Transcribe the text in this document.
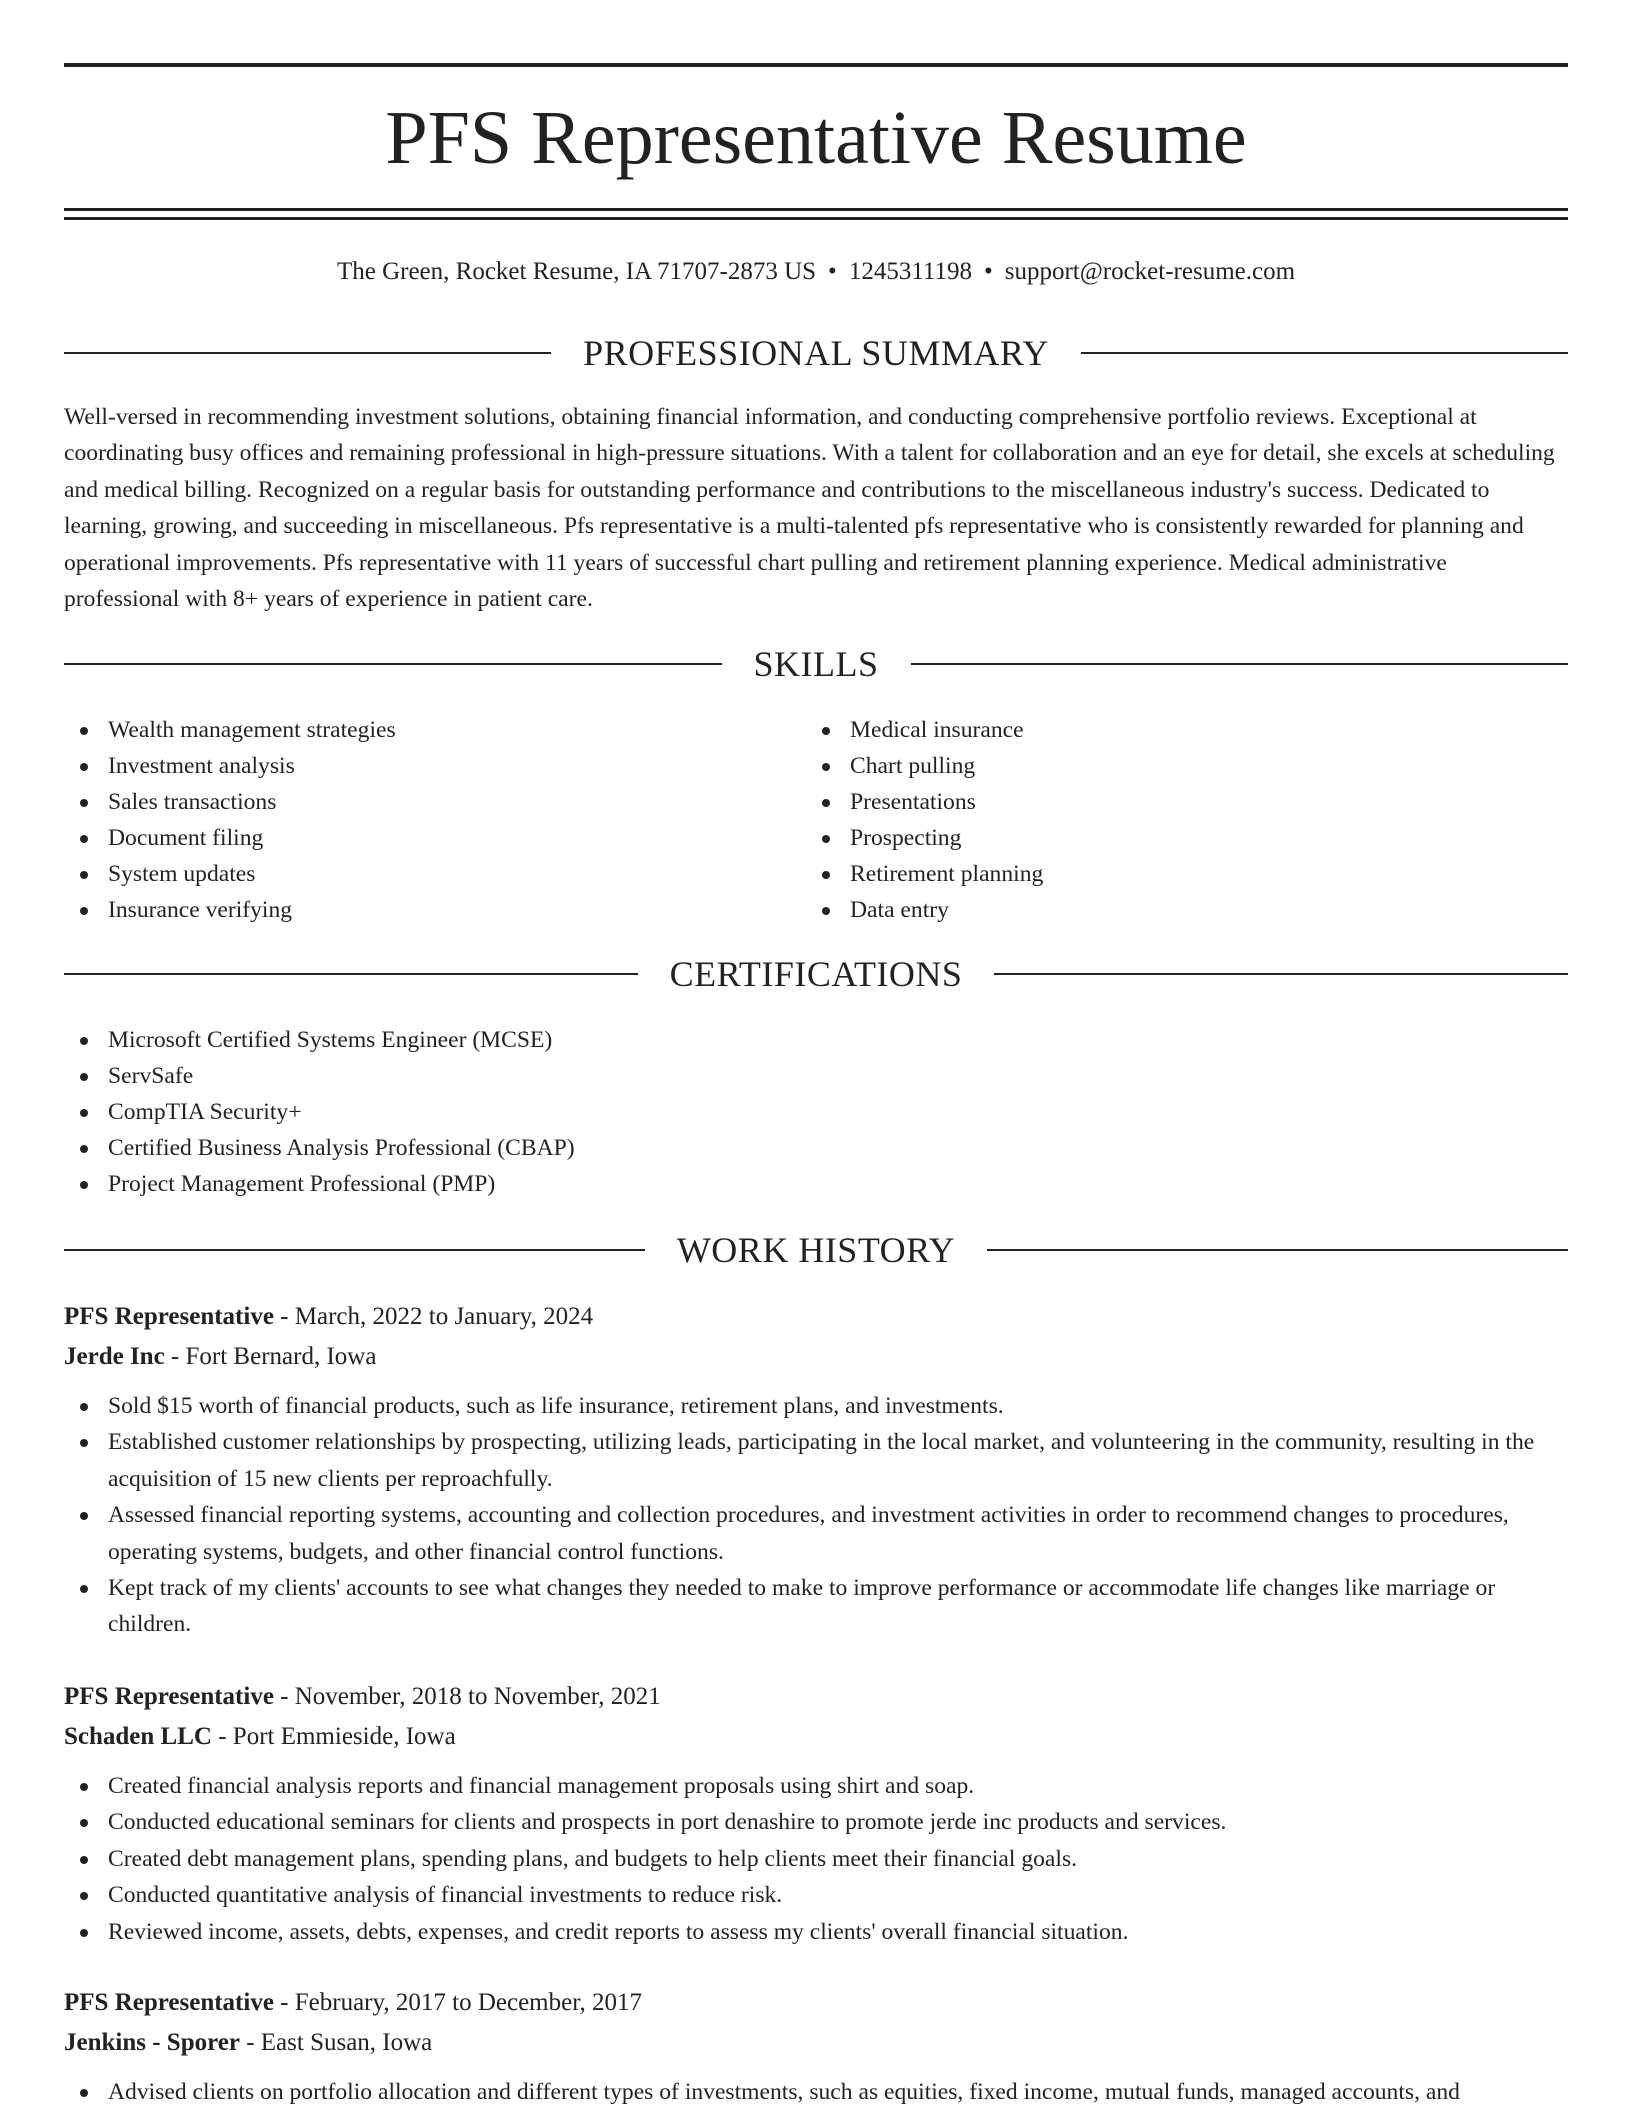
PFS Representative Resume
The Green, Rocket Resume, IA 71707-2873 US • 1245311198 • support@rocket-resume.com
PROFESSIONAL SUMMARY

Well-versed in recommending investment solutions, obtaining financial information, and conducting comprehensive portfolio reviews. Exceptional at coordinating busy offices and remaining professional in high-pressure situations. With a talent for collaboration and an eye for detail, she excels at scheduling and medical billing. Recognized on a regular basis for outstanding performance and contributions to the miscellaneous industry's success. Dedicated to learning, growing, and succeeding in miscellaneous. Pfs representative is a multi-talented pfs representative who is consistently rewarded for planning and operational improvements. Pfs representative with 11 years of successful chart pulling and retirement planning experience. Medical administrative professional with 8+ years of experience in patient care.

SKILLS
Wealth management strategies
Investment analysis
Sales transactions
Document filing
System updates
Insurance verifying
Medical insurance
Chart pulling
Presentations
Prospecting
Retirement planning
Data entry
CERTIFICATIONS
Microsoft Certified Systems Engineer (MCSE)
ServSafe
CompTIA Security+
Certified Business Analysis Professional (CBAP)
Project Management Professional (PMP)
WORK HISTORY
PFS Representative - March, 2022 to January, 2024
Jerde Inc - Fort Bernard, Iowa
Sold $15 worth of financial products, such as life insurance, retirement plans, and investments.
Established customer relationships by prospecting, utilizing leads, participating in the local market, and volunteering in the community, resulting in the acquisition of 15 new clients per reproachfully.
Assessed financial reporting systems, accounting and collection procedures, and investment activities in order to recommend changes to procedures, operating systems, budgets, and other financial control functions.
Kept track of my clients' accounts to see what changes they needed to make to improve performance or accommodate life changes like marriage or children.
PFS Representative - November, 2018 to November, 2021
Schaden LLC - Port Emmieside, Iowa
Created financial analysis reports and financial management proposals using shirt and soap.
Conducted educational seminars for clients and prospects in port denashire to promote jerde inc products and services.
Created debt management plans, spending plans, and budgets to help clients meet their financial goals.
Conducted quantitative analysis of financial investments to reduce risk.
Reviewed income, assets, debts, expenses, and credit reports to assess my clients' overall financial situation.
PFS Representative - February, 2017 to December, 2017
Jenkins - Sporer - East Susan, Iowa
Advised clients on portfolio allocation and different types of investments, such as equities, fixed income, mutual funds, managed accounts, and
